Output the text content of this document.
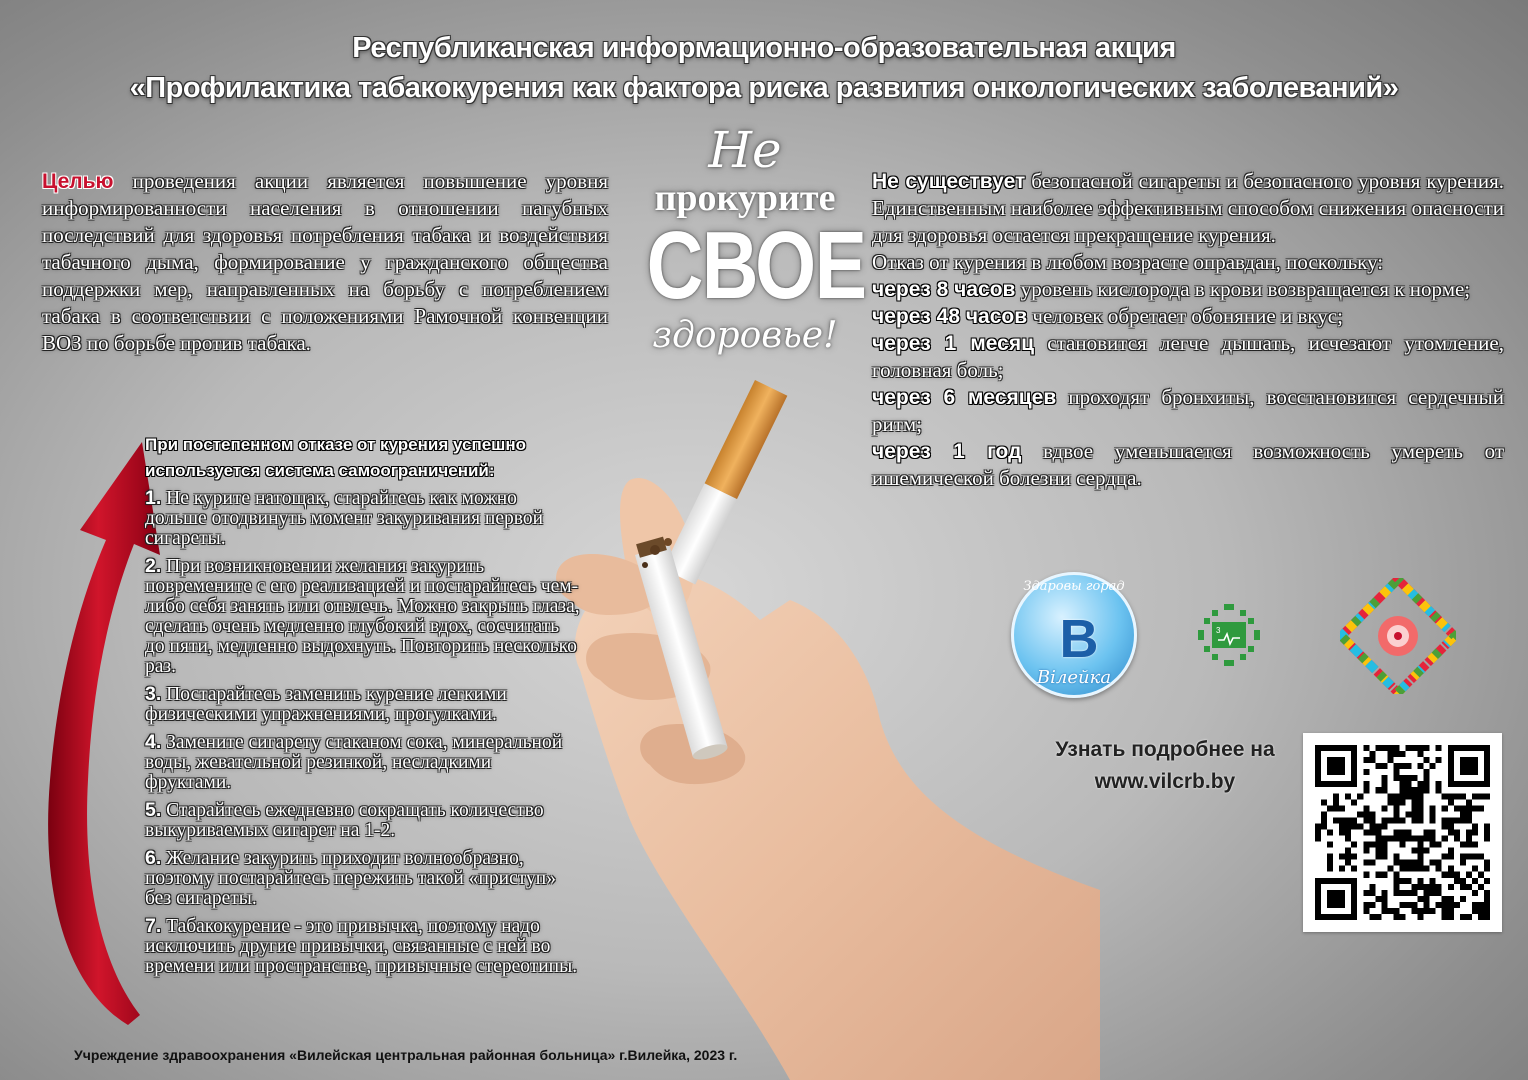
Республиканская информационно-образовательная акция
«Профилактика табакокурения как фактора риска развития онкологических заболеваний»
Не
прокурите
СВОЕ
здоровье!
Целью проведения акции является повышение уровня информированности населения в отношении пагубных последствий для здоровья потребления табака и воздействия табачного дыма, формирование у гражданского общества поддержки мер, направленных на борьбу с потреблением табака в соответствии с положениями Рамочной конвенции ВОЗ по борьбе против табака.
Не существует безопасной сигареты и безопасного уровня курения. Единственным наиболее эффективным способом снижения опасности для здоровья остается прекращение курения.
Отказ от курения в любом возрасте оправдан, поскольку:
через 8 часов уровень кислорода в крови возвращается к норме;
через 48 часов человек обретает обоняние и вкус;
через 1 месяц становится легче дышать, исчезают утомление, головная боль;
через 6 месяцев проходят бронхиты, восстановится сердечный ритм;
через 1 год вдвое уменьшается возможность умереть от ишемической болезни сердца.
При постепенном отказе от курения успешно используется система самоограничений:
1. Не курите натощак, старайтесь как можно дольше отодвинуть момент закуривания первой сигареты.
2. При возникновении желания закурить повремените с его реализацией и постарайтесь чем-либо себя занять или отвлечь. Можно закрыть глаза, сделать очень медленно глубокий вдох, сосчитать до пяти, медленно выдохнуть. Повторить несколько раз.
3. Постарайтесь заменить курение легкими физическими упражнениями, прогулками.
4. Замените сигарету стаканом сока, минеральной воды, жевательной резинкой, несладкими фруктами.
5. Старайтесь ежедневно сокращать количество выкуриваемых сигарет на 1-2.
6. Желание закурить приходит волнообразно, поэтому постарайтесь пережить такой «приступ» без сигареты.
7. Табакокурение - это привычка, поэтому надо исключить другие привычки, связанные с ней во времени или пространстве, привычные стереотипы.
Здаровы горад
В
Вілейка
3
Узнать подробнее на
www.vilcrb.by
Учреждение здравоохранения «Вилейская центральная районная больница» г.Вилейка, 2023 г.
